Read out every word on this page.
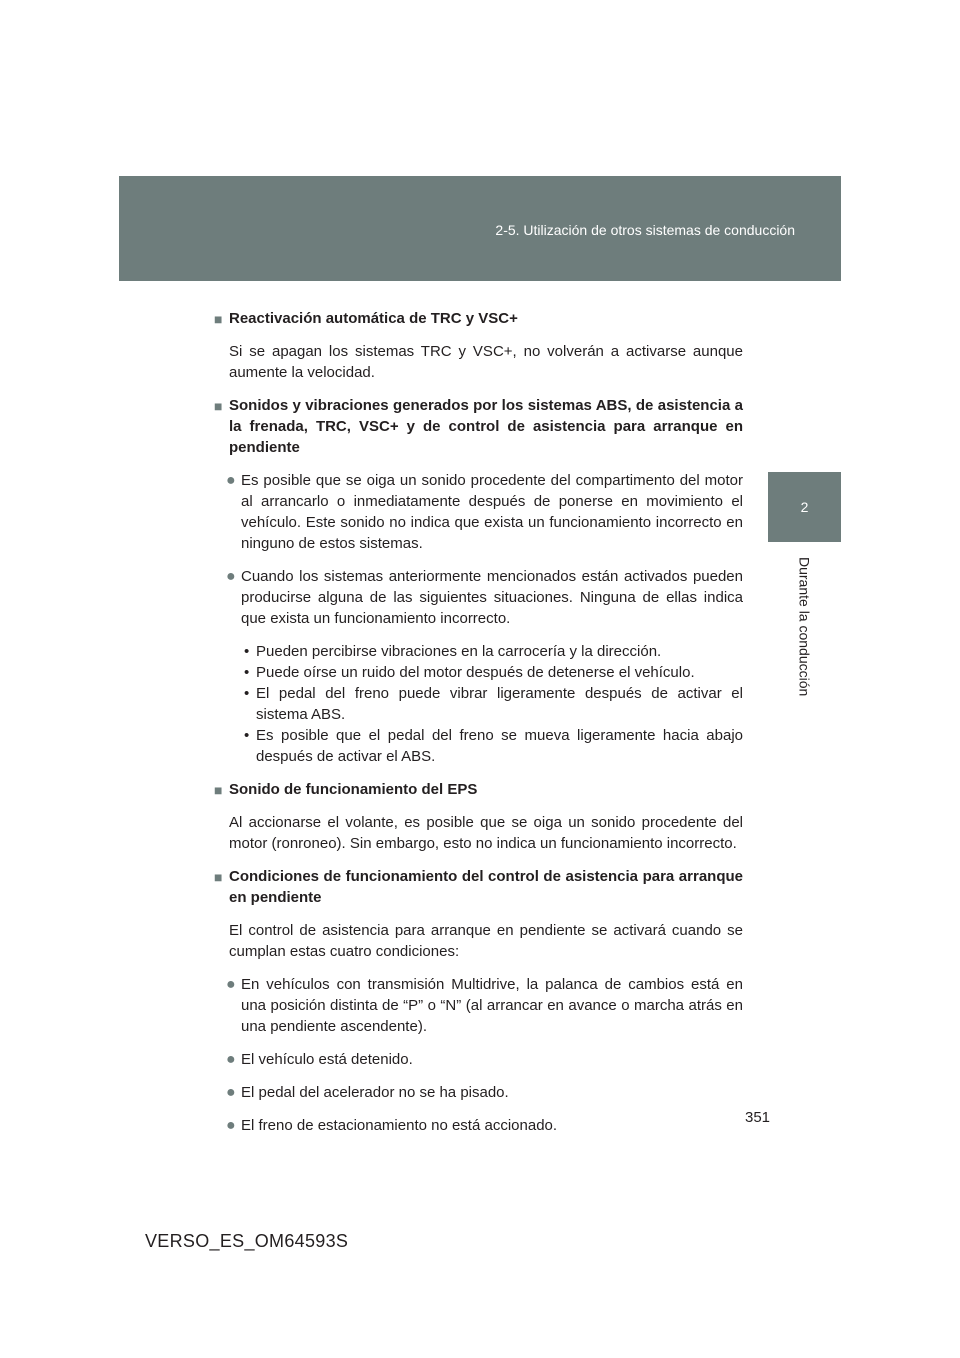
2-5. Utilización de otros sistemas de conducción
2
Durante la conducción

■ Reactivación automática de TRC y VSC+

Si se apagan los sistemas TRC y VSC+, no volverán a activarse aunque aumente la velocidad.

■ Sonidos y vibraciones generados por los sistemas ABS, de asistencia a la frenada, TRC, VSC+ y de control de asistencia para arranque en pendiente

● Es posible que se oiga un sonido procedente del compartimento del motor al arrancarlo o inmediatamente después de ponerse en movimiento el vehículo. Este sonido no indica que exista un funcionamiento incorrecto en ninguno de estos sistemas.

● Cuando los sistemas anteriormente mencionados están activados pueden producirse alguna de las siguientes situaciones. Ninguna de ellas indica que exista un funcionamiento incorrecto.

• Pueden percibirse vibraciones en la carrocería y la dirección.

• Puede oírse un ruido del motor después de detenerse el vehículo.

• El pedal del freno puede vibrar ligeramente después de activar el sistema ABS.

• Es posible que el pedal del freno se mueva ligeramente hacia abajo después de activar el ABS.

■ Sonido de funcionamiento del EPS

Al accionarse el volante, es posible que se oiga un sonido procedente del motor (ronroneo). Sin embargo, esto no indica un funcionamiento incorrecto.

■ Condiciones de funcionamiento del control de asistencia para arranque en pendiente

El control de asistencia para arranque en pendiente se activará cuando se cumplan estas cuatro condiciones:

● En vehículos con transmisión Multidrive, la palanca de cambios está en una posición distinta de “P” o “N” (al arrancar en avance o marcha atrás en una pendiente ascendente).

● El vehículo está detenido.

● El pedal del acelerador no se ha pisado.

● El freno de estacionamiento no está accionado.	351
VERSO_ES_OM64593S
